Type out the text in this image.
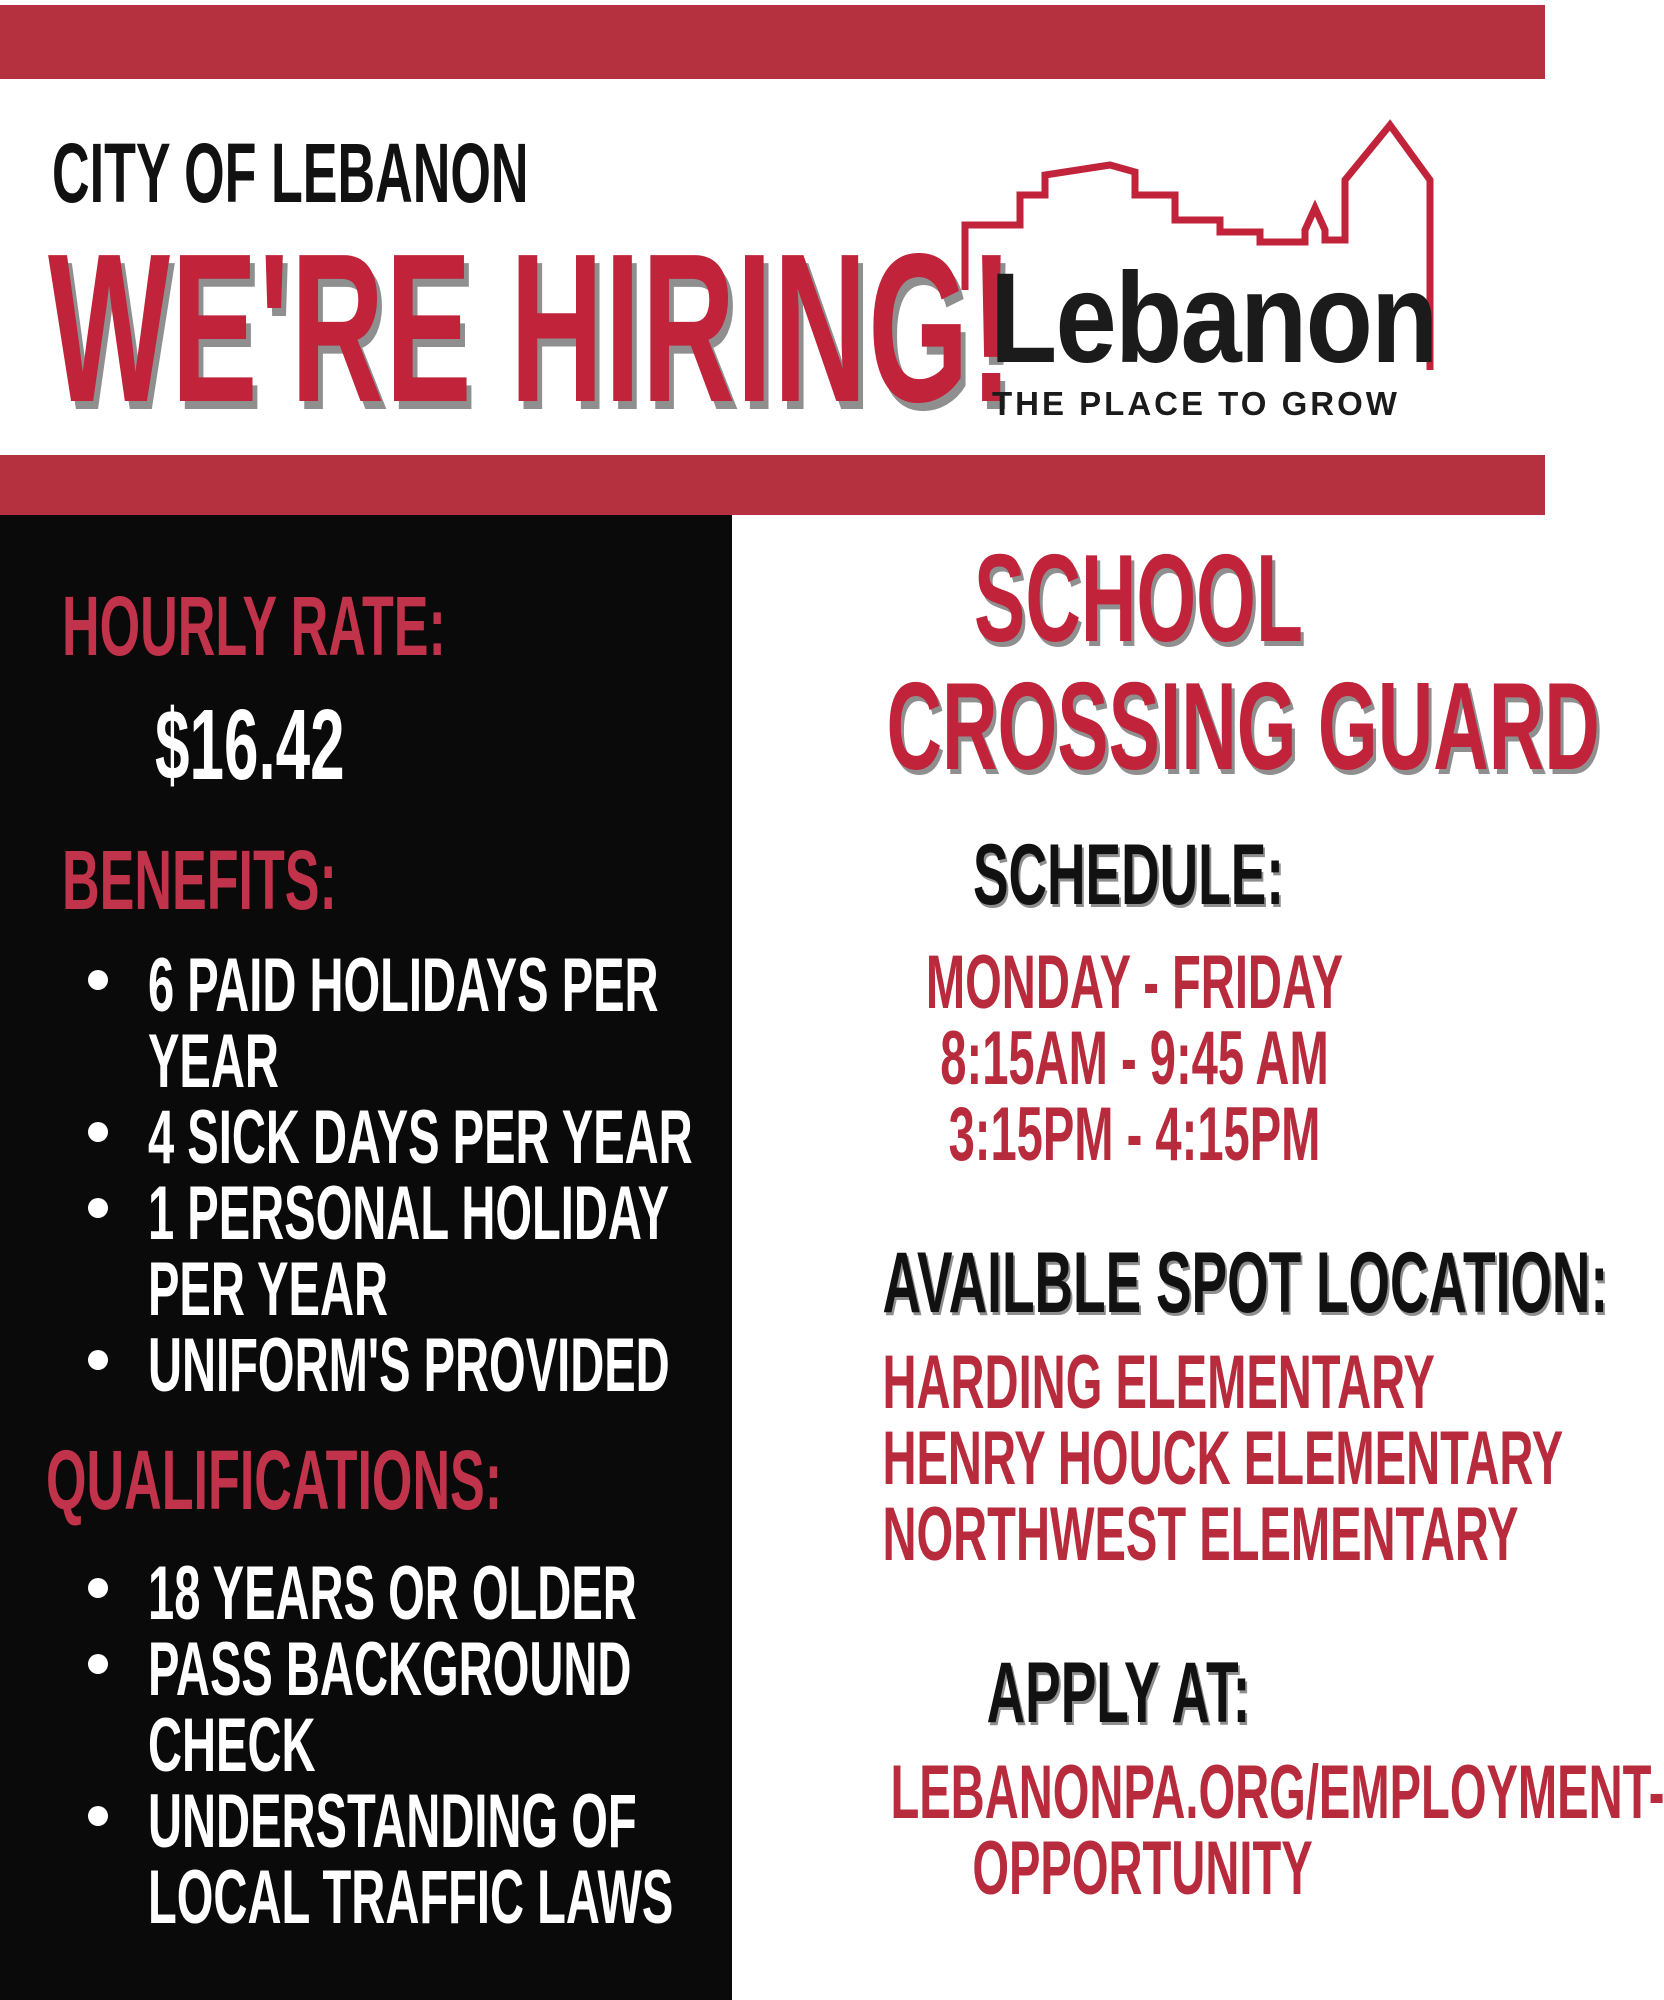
CITY OF LEBANON
WE'RE HIRING!
Lebanon
THE PLACE TO GROW
HOURLY RATE:
$16.42
BENEFITS:
6 PAID HOLIDAYS PER
YEAR
4 SICK DAYS PER YEAR
1 PERSONAL HOLIDAY
PER YEAR
UNIFORM'S PROVIDED
QUALIFICATIONS:
18 YEARS OR OLDER
PASS BACKGROUND
CHECK
UNDERSTANDING OF
LOCAL TRAFFIC LAWS
SCHOOL
CROSSING GUARD
SCHEDULE:
MONDAY - FRIDAY
8:15AM - 9:45 AM
3:15PM - 4:15PM
AVAILBLE SPOT LOCATION:
HARDING ELEMENTARY
HENRY HOUCK ELEMENTARY
NORTHWEST ELEMENTARY
APPLY AT:
LEBANONPA.ORG/EMPLOYMENT-
OPPORTUNITY
